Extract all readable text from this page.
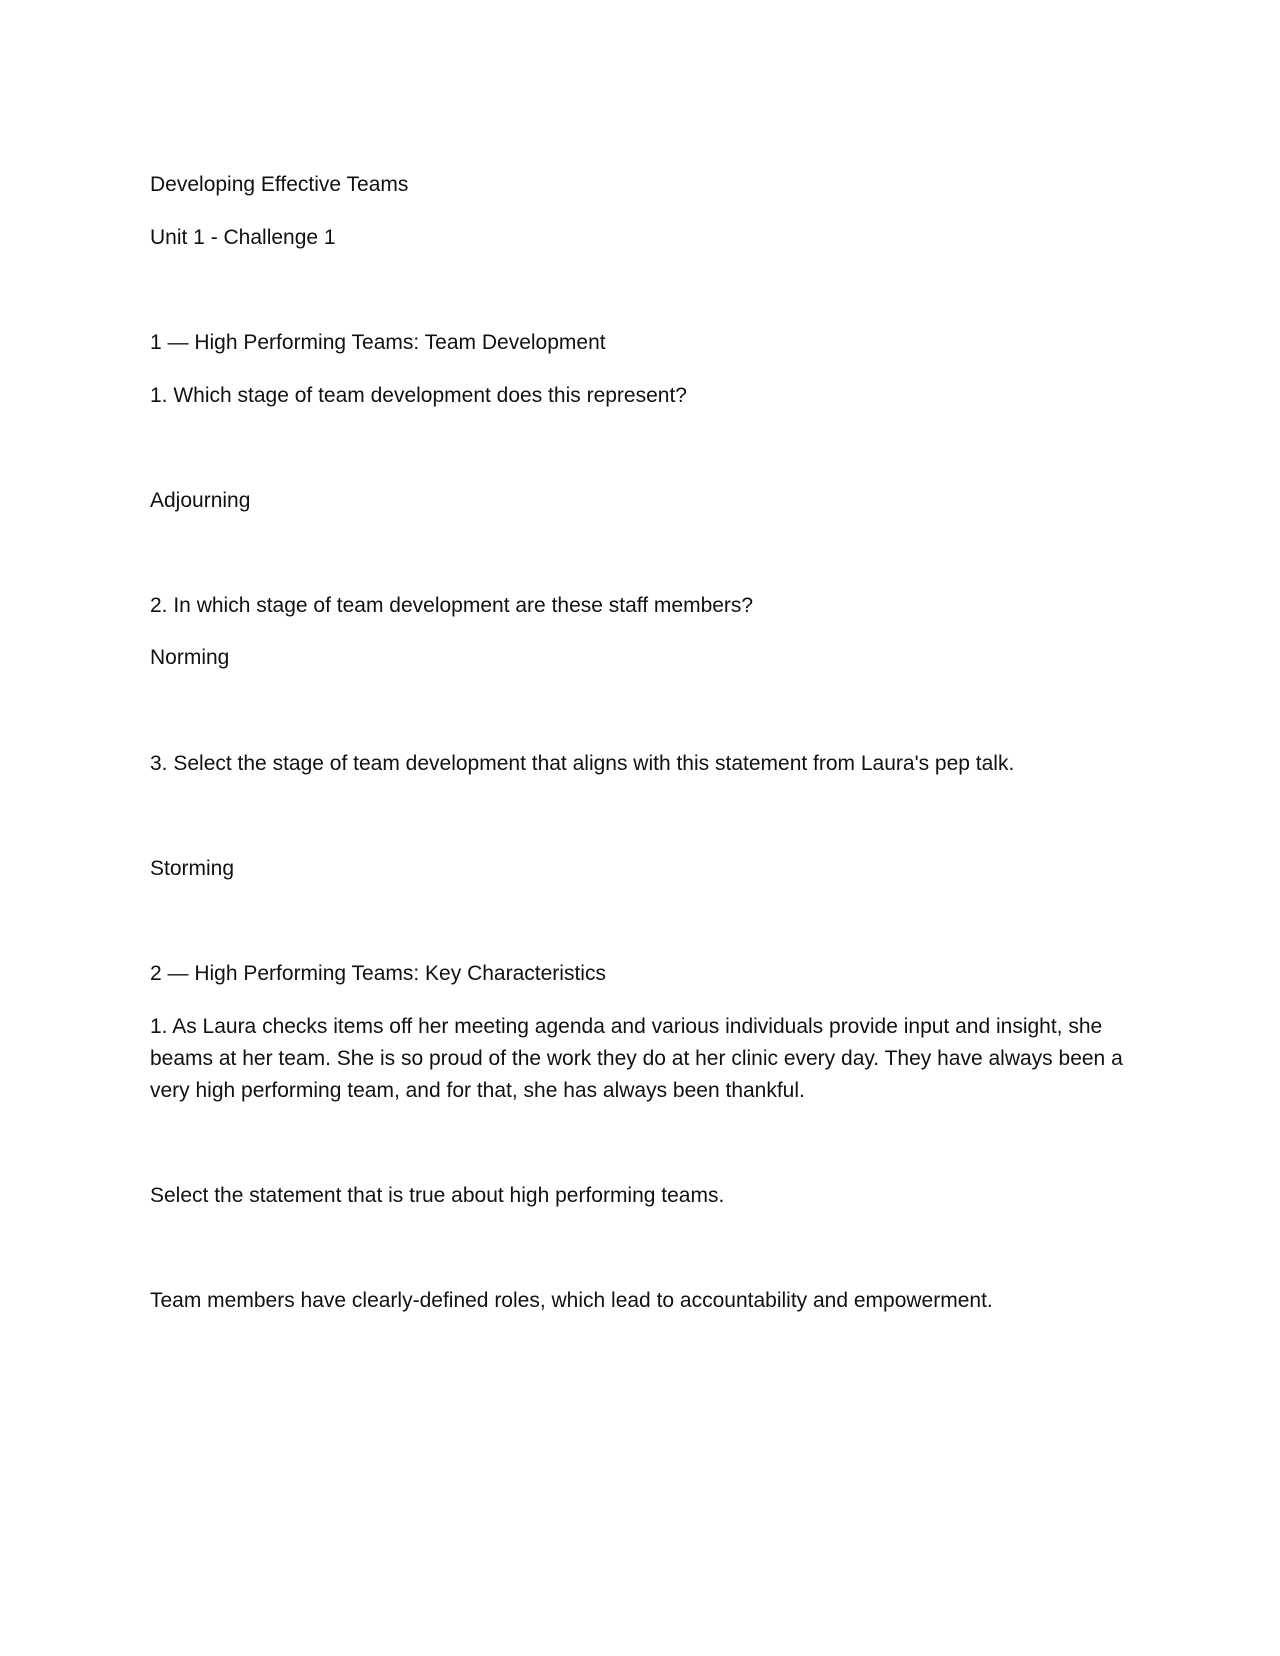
Developing Effective Teams
Unit 1 - Challenge 1
1 — High Performing Teams: Team Development
1. Which stage of team development does this represent?
Adjourning
2. In which stage of team development are these staff members?
Norming
3. Select the stage of team development that aligns with this statement from Laura's pep talk.
Storming
2 — High Performing Teams: Key Characteristics
1. As Laura checks items off her meeting agenda and various individuals provide input and insight, she
beams at her team. She is so proud of the work they do at her clinic every day. They have always been a
very high performing team, and for that, she has always been thankful.
Select the statement that is true about high performing teams.
Team members have clearly-defined roles, which lead to accountability and empowerment.
